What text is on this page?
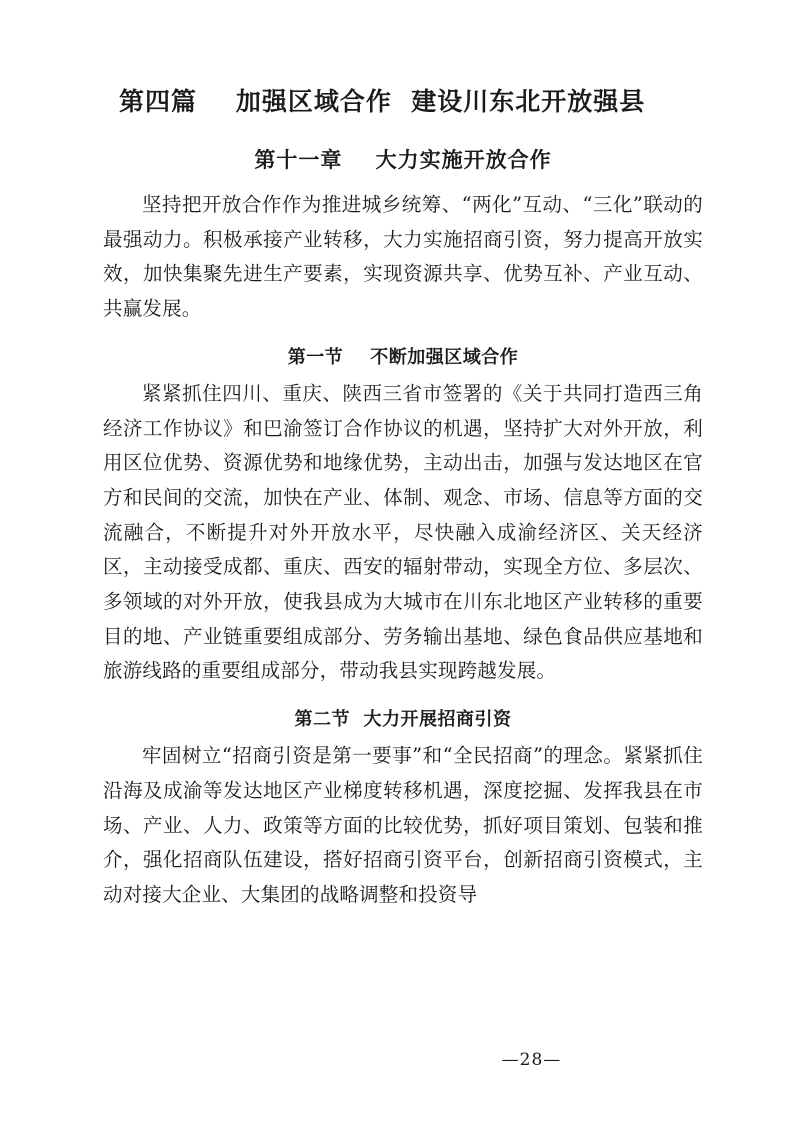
第四篇    加强区域合作  建设川东北开放强县
第十一章    大力实施开放合作

坚持把开放合作作为推进城乡统筹、“两化”互动、“三化”联动的最强动力。积极承接产业转移，大力实施招商引资，努力提高开放实效，加快集聚先进生产要素，实现资源共享、优势互补、产业互动、共赢发展。

第一节    不断加强区域合作

紧紧抓住四川、重庆、陕西三省市签署的《关于共同打造西三角经济工作协议》和巴渝签订合作协议的机遇，坚持扩大对外开放，利用区位优势、资源优势和地缘优势，主动出击，加强与发达地区在官方和民间的交流，加快在产业、体制、观念、市场、信息等方面的交流融合，不断提升对外开放水平，尽快融入成渝经济区、关天经济区，主动接受成都、重庆、西安的辐射带动，实现全方位、多层次、多领域的对外开放，使我县成为大城市在川东北地区产业转移的重要目的地、产业链重要组成部分、劳务输出基地、绿色食品供应基地和旅游线路的重要组成部分，带动我县实现跨越发展。

第二节  大力开展招商引资

牢固树立“招商引资是第一要事”和“全民招商”的理念。紧紧抓住沿海及成渝等发达地区产业梯度转移机遇，深度挖掘、发挥我县在市场、产业、人力、政策等方面的比较优势，抓好项目策划、包装和推介，强化招商队伍建设，搭好招商引资平台，创新招商引资模式，主动对接大企业、大集团的战略调整和投资导

—28—
